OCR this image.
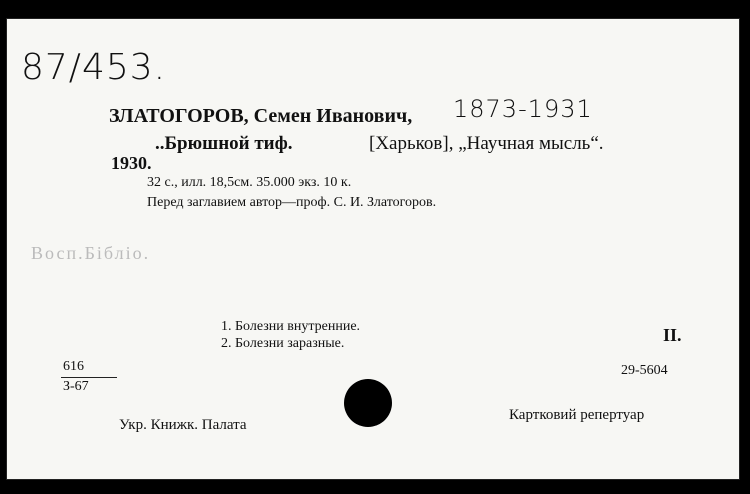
87/453.
ЗЛАТОГОРОВ, Семен Иванович, 1873-1931
..Брюшной тиф.	[Харьков], „Научная мысль“.
1930.
32 с., илл. 18,5см. 35.000 экз. 10 к.
Перед заглавием автор—проф. С. И. Златогоров.
Восп.Бібліо.
1. Болезни внутренние.
2. Болезни заразные.	II.
616
З-67
29-5604
Укр. Книжк. Палата
Картковий репертуар
